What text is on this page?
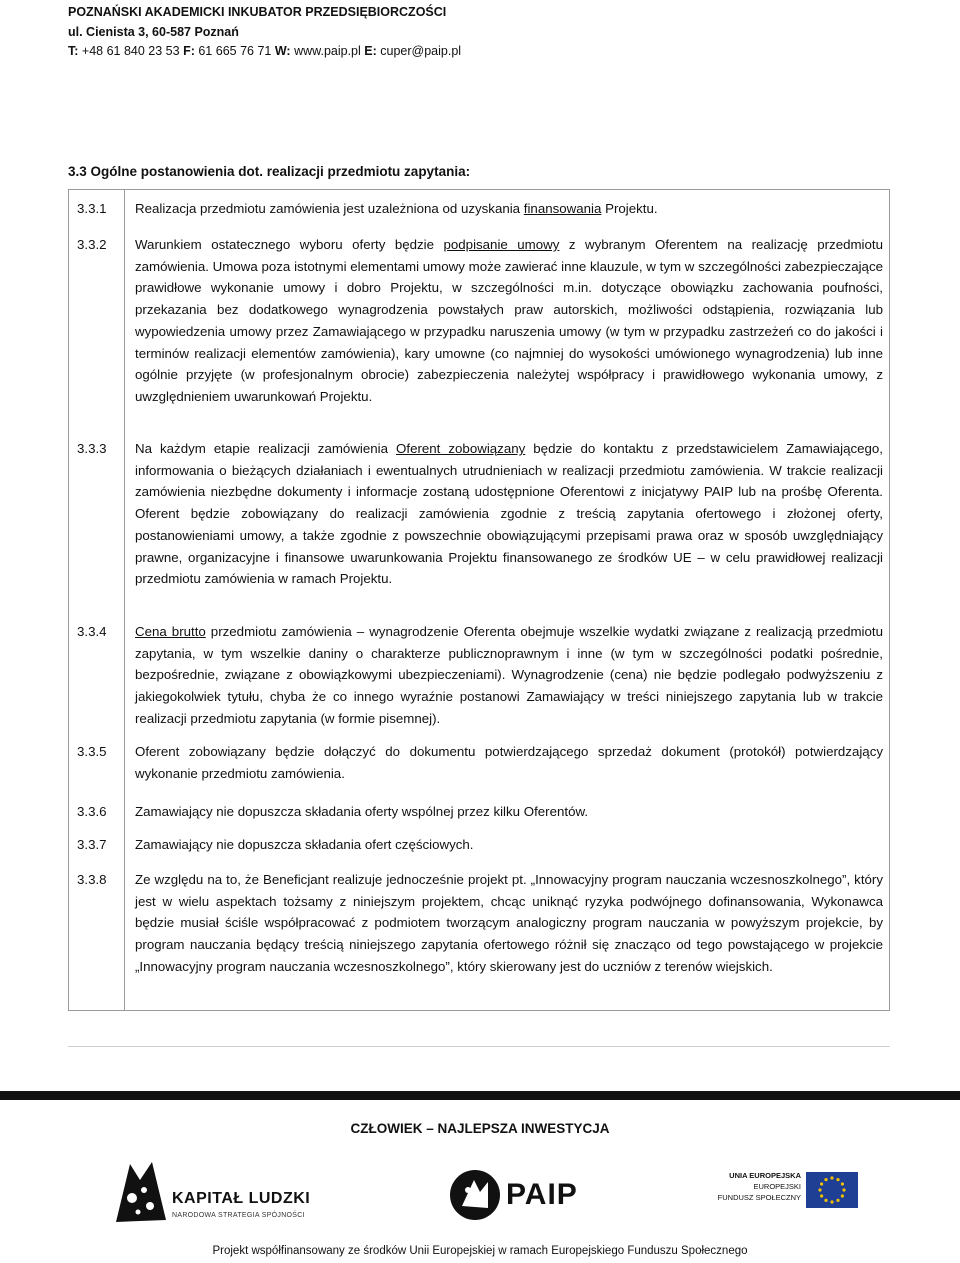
POZNAŃSKI AKADEMICKI INKUBATOR PRZEDSIĘBIORCZOŚCI
ul. Cienista 3, 60-587 Poznań
T: +48 61 840 23 53 F: 61 665 76 71 W: www.paip.pl E: cuper@paip.pl
3.3 Ogólne postanowienia dot. realizacji przedmiotu zapytania:
3.3.1 Realizacja przedmiotu zamówienia jest uzależniona od uzyskania finansowania Projektu.
3.3.2 Warunkiem ostatecznego wyboru oferty będzie podpisanie umowy z wybranym Oferentem na realizację przedmiotu zamówienia. Umowa poza istotnymi elementami umowy może zawierać inne klauzule, w tym w szczególności zabezpieczające prawidłowe wykonanie umowy i dobro Projektu, w szczególności m.in. dotyczące obowiązku zachowania poufności, przekazania bez dodatkowego wynagrodzenia powstałych praw autorskich, możliwości odstąpienia, rozwiązania lub wypowiedzenia umowy przez Zamawiającego w przypadku naruszenia umowy (w tym w przypadku zastrzeżeń co do jakości i terminów realizacji elementów zamówienia), kary umowne (co najmniej do wysokości umówionego wynagrodzenia) lub inne ogólnie przyjęte (w profesjonalnym obrocie) zabezpieczenia należytej współpracy i prawidłowego wykonania umowy, z uwzględnieniem uwarunkowań Projektu.
3.3.3 Na każdym etapie realizacji zamówienia Oferent zobowiązany będzie do kontaktu z przedstawicielem Zamawiającego, informowania o bieżących działaniach i ewentualnych utrudnieniach w realizacji przedmiotu zamówienia. W trakcie realizacji zamówienia niezbędne dokumenty i informacje zostaną udostępnione Oferentowi z inicjatywy PAIP lub na prośbę Oferenta. Oferent będzie zobowiązany do realizacji zamówienia zgodnie z treścią zapytania ofertowego i złożonej oferty, postanowieniami umowy, a także zgodnie z powszechnie obowiązującymi przepisami prawa oraz w sposób uwzględniający prawne, organizacyjne i finansowe uwarunkowania Projektu finansowanego ze środków UE – w celu prawidłowej realizacji przedmiotu zamówienia w ramach Projektu.
3.3.4 Cena brutto przedmiotu zamówienia – wynagrodzenie Oferenta obejmuje wszelkie wydatki związane z realizacją przedmiotu zapytania, w tym wszelkie daniny o charakterze publicznoprawnym i inne (w tym w szczególności podatki pośrednie, bezpośrednie, związane z obowiązkowymi ubezpieczeniami). Wynagrodzenie (cena) nie będzie podlegało podwyższeniu z jakiegokolwiek tytułu, chyba że co innego wyraźnie postanowi Zamawiający w treści niniejszego zapytania lub w trakcie realizacji przedmiotu zapytania (w formie pisemnej).
3.3.5 Oferent zobowiązany będzie dołączyć do dokumentu potwierdzającego sprzedaż dokument (protokół) potwierdzający wykonanie przedmiotu zamówienia.
3.3.6 Zamawiający nie dopuszcza składania oferty wspólnej przez kilku Oferentów.
3.3.7 Zamawiający nie dopuszcza składania ofert częściowych.
3.3.8 Ze względu na to, że Beneficjant realizuje jednocześnie projekt pt. „Innowacyjny program nauczania wczesnoszkolnego”, który jest w wielu aspektach tożsamy z niniejszym projektem, chcąc uniknąć ryzyka podwójnego dofinansowania, Wykonawca będzie musiał ściśle współpracować z podmiotem tworzącym analogiczny program nauczania w powyższym projekcie, by program nauczania będący treścią niniejszego zapytania ofertowego różnił się znacząco od tego powstającego w projekcie „Innowacyjny program nauczania wczesnoszkolnego”, który skierowany jest do uczniów z terenów wiejskich.
CZŁOWIEK – NAJLEPSZA INWESTYCJA
KAPITAŁ LUDZKI
NARODOWA STRATEGIA SPÓJNOŚCI
PAIP
UNIA EUROPEJSKA
EUROPEJSKI
FUNDUSZ SPOŁECZNY
Projekt współfinansowany ze środków Unii Europejskiej w ramach Europejskiego Funduszu Społecznego
